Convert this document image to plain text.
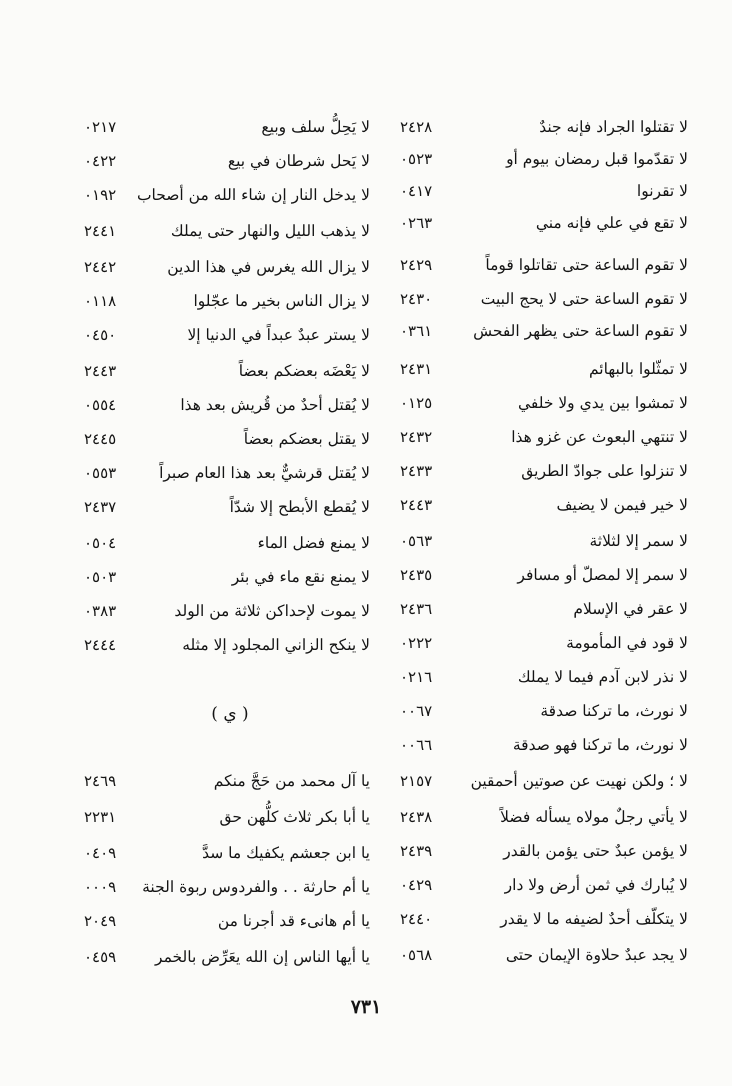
لا تقتلوا الجراد فإنه جندٌ
٢٤٢٨
لا تقدّموا قبل رمضان بيوم أو
٠٥٢٣
لا تقرنوا
٠٤١٧
لا تقع في علي فإنه مني
٠٢٦٣
لا تقوم الساعة حتى تقاتلوا قوماً
٢٤٢٩
لا تقوم الساعة حتى لا يحج البيت
٢٤٣٠
لا تقوم الساعة حتى يظهر الفحش
٠٣٦١
لا تمثّلوا بالبهائم
٢٤٣١
لا تمشوا بين يدي ولا خلفي
٠١٢٥
لا تنتهي البعوث عن غزو هذا
٢٤٣٢
لا تنزلوا على جوادّ الطريق
٢٤٣٣
لا خير فيمن لا يضيف
٢٤٤٣
لا سمر إلا لثلاثة
٠٥٦٣
لا سمر إلا لمصلّ أو مسافر
٢٤٣٥
لا عقر في الإسلام
٢٤٣٦
لا قود في المأمومة
٠٢٢٢
لا نذر لابن آدم فيما لا يملك
٠٢١٦
لا نورث، ما تركنا صدقة
٠٠٦٧
لا نورث، ما تركنا فهو صدقة
٠٠٦٦
لا ؛ ولكن نهيت عن صوتين أحمقين
٢١٥٧
لا يأتي رجلٌ مولاه يسأله فضلاً
٢٤٣٨
لا يؤمن عبدٌ حتى يؤمن بالقدر
٢٤٣٩
لا يُبارك في ثمن أرض ولا دار
٠٤٢٩
لا يتكلّف أحدٌ لضيفه ما لا يقدر
٢٤٤٠
لا يجد عبدٌ حلاوة الإيمان حتى
٠٥٦٨
لا يَحِلُّ سلف وبيع
٠٢١٧
لا يَحل شرطان في بيع
٠٤٢٢
لا يدخل النار إن شاء الله من أصحاب
٠١٩٢
لا يذهب الليل والنهار حتى يملك
٢٤٤١
لا يزال الله يغرس في هذا الدين
٢٤٤٢
لا يزال الناس بخير ما عجّلوا
٠١١٨
لا يستر عبدٌ عبداً في الدنيا إلا
٠٤٥٠
لا يَعْضَه بعضكم بعضاً
٢٤٤٣
لا يُقتل أحدٌ من قُريش بعد هذا
٠٥٥٤
لا يقتل بعضكم بعضاً
٢٤٤٥
لا يُقتل قرشيٌّ بعد هذا العام صبراً
٠٥٥٣
لا يُقطع الأبطح إلا شدّاً
٢٤٣٧
لا يمنع فضل الماء
٠٥٠٤
لا يمنع نقع ماء في بئر
٠٥٠٣
لا يموت لإحداكن ثلاثة من الولد
٠٣٨٣
لا ينكح الزاني المجلود إلا مثله
٢٤٤٤
( ي )
يا آل محمد من حَجَّ منكم
٢٤٦٩
يا أبا بكر ثلاث كلُّهن حق
٢٢٣١
يا ابن جعشم يكفيك ما سدَّ
٠٤٠٩
يا أم حارثة . . والفردوس ربوة الجنة
٠٠٠٩
يا أم هانىء قد أجرنا من
٢٠٤٩
يا أيها الناس إن الله يعَرِّض بالخمر
٠٤٥٩
٧٣١
